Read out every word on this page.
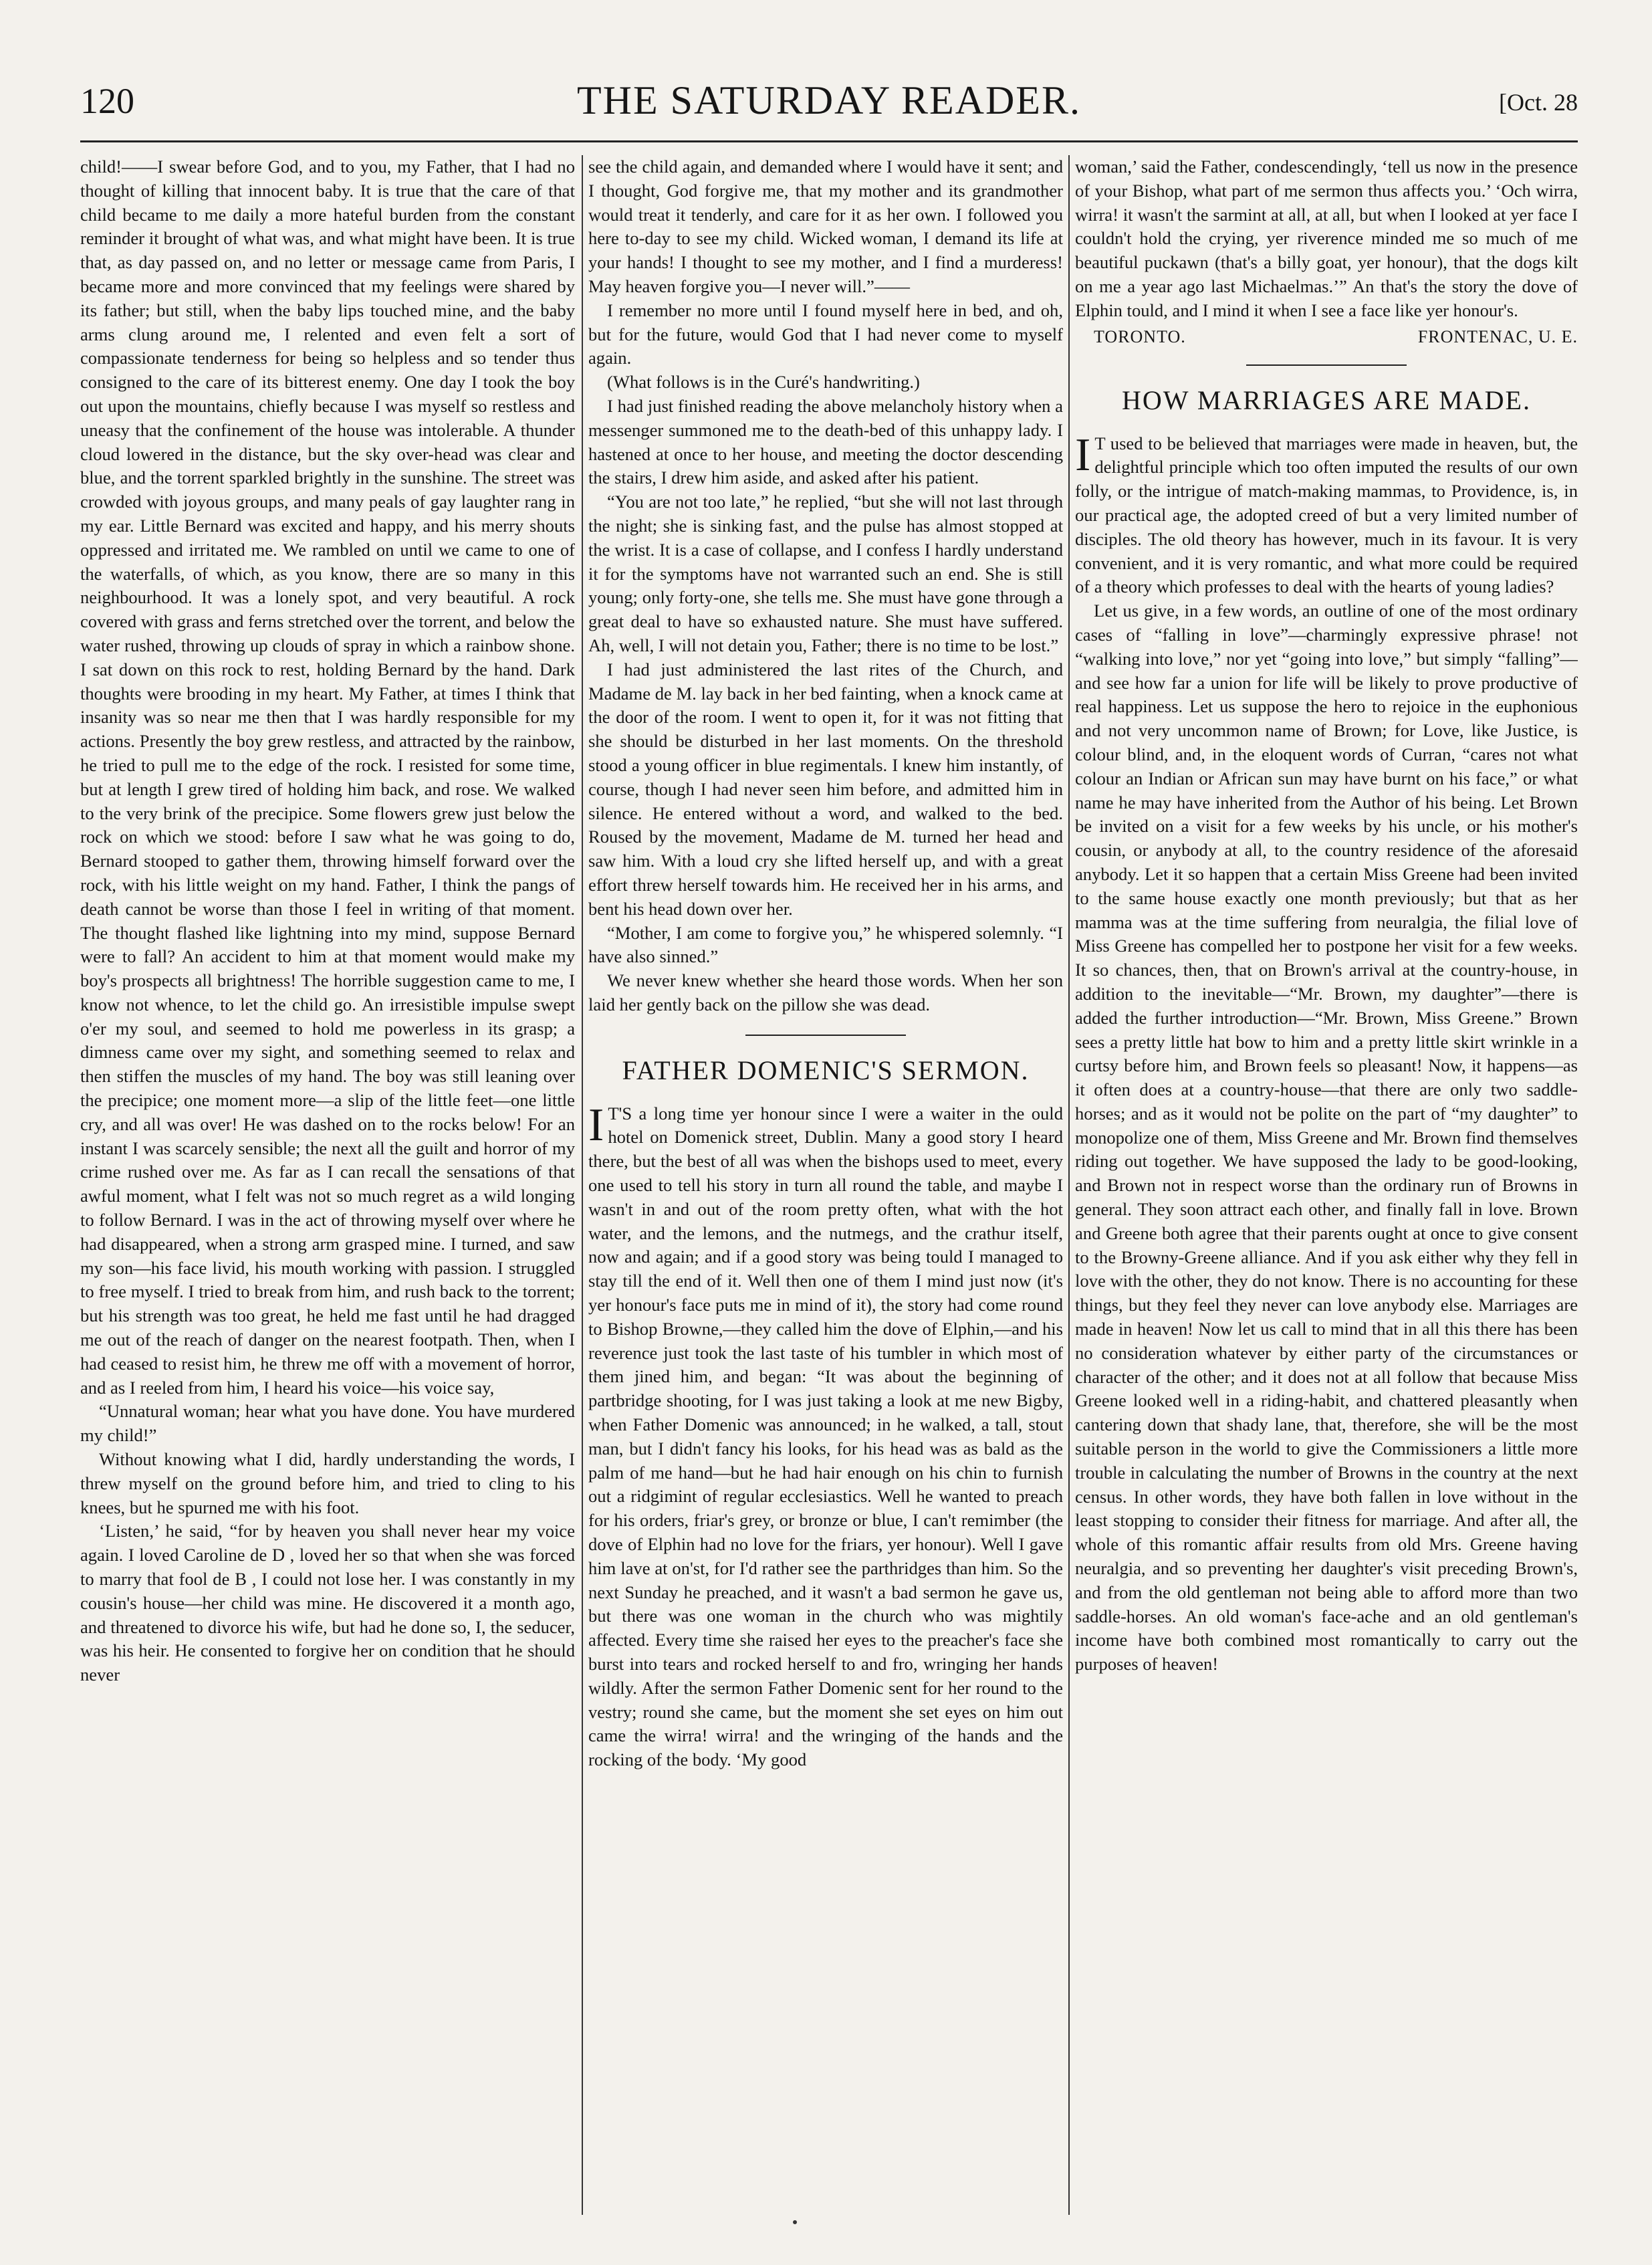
120	THE SATURDAY READER.	[Oct. 28

child!——I swear before God, and to you, my Father, that I had no thought of killing that innocent baby. It is true that the care of that child became to me daily a more hateful burden from the constant reminder it brought of what was, and what might have been. It is true that, as day passed on, and no letter or message came from Paris, I became more and more convinced that my feelings were shared by its father; but still, when the baby lips touched mine, and the baby arms clung around me, I relented and even felt a sort of compassionate tenderness for being so helpless and so tender thus consigned to the care of its bitterest enemy. One day I took the boy out upon the mountains, chiefly because I was myself so restless and uneasy that the confinement of the house was intolerable. A thunder cloud lowered in the distance, but the sky over-head was clear and blue, and the torrent sparkled brightly in the sunshine. The street was crowded with joyous groups, and many peals of gay laughter rang in my ear. Little Bernard was excited and happy, and his merry shouts oppressed and irritated me. We rambled on until we came to one of the waterfalls, of which, as you know, there are so many in this neighbourhood. It was a lonely spot, and very beautiful. A rock covered with grass and ferns stretched over the torrent, and below the water rushed, throwing up clouds of spray in which a rainbow shone. I sat down on this rock to rest, holding Bernard by the hand. Dark thoughts were brooding in my heart. My Father, at times I think that insanity was so near me then that I was hardly responsible for my actions. Presently the boy grew restless, and attracted by the rainbow, he tried to pull me to the edge of the rock. I resisted for some time, but at length I grew tired of holding him back, and rose. We walked to the very brink of the precipice. Some flowers grew just below the rock on which we stood: before I saw what he was going to do, Bernard stooped to gather them, throwing himself forward over the rock, with his little weight on my hand. Father, I think the pangs of death cannot be worse than those I feel in writing of that moment. The thought flashed like lightning into my mind, suppose Bernard were to fall? An accident to him at that moment would make my boy's prospects all brightness! The horrible suggestion came to me, I know not whence, to let the child go. An irresistible impulse swept o'er my soul, and seemed to hold me powerless in its grasp; a dimness came over my sight, and something seemed to relax and then stiffen the muscles of my hand. The boy was still leaning over the precipice; one moment more—a slip of the little feet—one little cry, and all was over! He was dashed on to the rocks below! For an instant I was scarcely sensible; the next all the guilt and horror of my crime rushed over me. As far as I can recall the sensations of that awful moment, what I felt was not so much regret as a wild longing to follow Bernard. I was in the act of throwing myself over where he had disappeared, when a strong arm grasped mine. I turned, and saw my son—his face livid, his mouth working with passion. I struggled to free myself. I tried to break from him, and rush back to the torrent; but his strength was too great, he held me fast until he had dragged me out of the reach of danger on the nearest footpath. Then, when I had ceased to resist him, he threw me off with a movement of horror, and as I reeled from him, I heard his voice—his voice say,

“Unnatural woman; hear what you have done. You have murdered my child!”

Without knowing what I did, hardly understanding the words, I threw myself on the ground before him, and tried to cling to his knees, but he spurned me with his foot.

‘Listen,’ he said, “for by heaven you shall never hear my voice again. I loved Caroline de D , loved her so that when she was forced to marry that fool de B , I could not lose her. I was constantly in my cousin's house—her child was mine. He discovered it a month ago, and threatened to divorce his wife, but had he done so, I, the seducer, was his heir. He consented to forgive her on condition that he should never

see the child again, and demanded where I would have it sent; and I thought, God forgive me, that my mother and its grandmother would treat it tenderly, and care for it as her own. I followed you here to-day to see my child. Wicked woman, I demand its life at your hands! I thought to see my mother, and I find a murderess! May heaven forgive you—I never will.”——

I remember no more until I found myself here in bed, and oh, but for the future, would God that I had never come to myself again.

(What follows is in the Curé's handwriting.)

I had just finished reading the above melancholy history when a messenger summoned me to the death-bed of this unhappy lady. I hastened at once to her house, and meeting the doctor descending the stairs, I drew him aside, and asked after his patient.

“You are not too late,” he replied, “but she will not last through the night; she is sinking fast, and the pulse has almost stopped at the wrist. It is a case of collapse, and I confess I hardly understand it for the symptoms have not warranted such an end. She is still young; only forty-one, she tells me. She must have gone through a great deal to have so exhausted nature. She must have suffered. Ah, well, I will not detain you, Father; there is no time to be lost.”

I had just administered the last rites of the Church, and Madame de M. lay back in her bed fainting, when a knock came at the door of the room. I went to open it, for it was not fitting that she should be disturbed in her last moments. On the threshold stood a young officer in blue regimentals. I knew him instantly, of course, though I had never seen him before, and admitted him in silence. He entered without a word, and walked to the bed. Roused by the movement, Madame de M. turned her head and saw him. With a loud cry she lifted herself up, and with a great effort threw herself towards him. He received her in his arms, and bent his head down over her.

“Mother, I am come to forgive you,” he whispered solemnly. “I have also sinned.”

We never knew whether she heard those words. When her son laid her gently back on the pillow she was dead.

FATHER DOMENIC'S SERMON.

IT'S a long time yer honour since I were a waiter in the ould hotel on Domenick street, Dublin. Many a good story I heard there, but the best of all was when the bishops used to meet, every one used to tell his story in turn all round the table, and maybe I wasn't in and out of the room pretty often, what with the hot water, and the lemons, and the nutmegs, and the crathur itself, now and again; and if a good story was being tould I managed to stay till the end of it. Well then one of them I mind just now (it's yer honour's face puts me in mind of it), the story had come round to Bishop Browne,—they called him the dove of Elphin,—and his reverence just took the last taste of his tumbler in which most of them jined him, and began: “It was about the beginning of partbridge shooting, for I was just taking a look at me new Bigby, when Father Domenic was announced; in he walked, a tall, stout man, but I didn't fancy his looks, for his head was as bald as the palm of me hand—but he had hair enough on his chin to furnish out a ridgimint of regular ecclesiastics. Well he wanted to preach for his orders, friar's grey, or bronze or blue, I can't remimber (the dove of Elphin had no love for the friars, yer honour). Well I gave him lave at on'st, for I'd rather see the parthridges than him. So the next Sunday he preached, and it wasn't a bad sermon he gave us, but there was one woman in the church who was mightily affected. Every time she raised her eyes to the preacher's face she burst into tears and rocked herself to and fro, wringing her hands wildly. After the sermon Father Domenic sent for her round to the vestry; round she came, but the moment she set eyes on him out came the wirra! wirra! and the wringing of the hands and the rocking of the body. ‘My good

woman,’ said the Father, condescendingly, ‘tell us now in the presence of your Bishop, what part of me sermon thus affects you.’ ‘Och wirra, wirra! it wasn't the sarmint at all, at all, but when I looked at yer face I couldn't hold the crying, yer riverence minded me so much of me beautiful puckawn (that's a billy goat, yer honour), that the dogs kilt on me a year ago last Michaelmas.’” An that's the story the dove of Elphin tould, and I mind it when I see a face like yer honour's.

TORONTO.	FRONTENAC, U. E.
HOW MARRIAGES ARE MADE.

IT used to be believed that marriages were made in heaven, but, the delightful principle which too often imputed the results of our own folly, or the intrigue of match-making mammas, to Providence, is, in our practical age, the adopted creed of but a very limited number of disciples. The old theory has however, much in its favour. It is very convenient, and it is very romantic, and what more could be required of a theory which professes to deal with the hearts of young ladies?

Let us give, in a few words, an outline of one of the most ordinary cases of “falling in love”—charmingly expressive phrase! not “walking into love,” nor yet “going into love,” but simply “falling”—and see how far a union for life will be likely to prove productive of real happiness. Let us suppose the hero to rejoice in the euphonious and not very uncommon name of Brown; for Love, like Justice, is colour blind, and, in the eloquent words of Curran, “cares not what colour an Indian or African sun may have burnt on his face,” or what name he may have inherited from the Author of his being. Let Brown be invited on a visit for a few weeks by his uncle, or his mother's cousin, or anybody at all, to the country residence of the aforesaid anybody. Let it so happen that a certain Miss Greene had been invited to the same house exactly one month previously; but that as her mamma was at the time suffering from neuralgia, the filial love of Miss Greene has compelled her to postpone her visit for a few weeks. It so chances, then, that on Brown's arrival at the country-house, in addition to the inevitable—“Mr. Brown, my daughter”—there is added the further introduction—“Mr. Brown, Miss Greene.” Brown sees a pretty little hat bow to him and a pretty little skirt wrinkle in a curtsy before him, and Brown feels so pleasant! Now, it happens—as it often does at a country-house—that there are only two saddle-horses; and as it would not be polite on the part of “my daughter” to monopolize one of them, Miss Greene and Mr. Brown find themselves riding out together. We have supposed the lady to be good-looking, and Brown not in respect worse than the ordinary run of Browns in general. They soon attract each other, and finally fall in love. Brown and Greene both agree that their parents ought at once to give consent to the Browny-Greene alliance. And if you ask either why they fell in love with the other, they do not know. There is no accounting for these things, but they feel they never can love anybody else. Marriages are made in heaven! Now let us call to mind that in all this there has been no consideration whatever by either party of the circumstances or character of the other; and it does not at all follow that because Miss Greene looked well in a riding-habit, and chattered pleasantly when cantering down that shady lane, that, therefore, she will be the most suitable person in the world to give the Commissioners a little more trouble in calculating the number of Browns in the country at the next census. In other words, they have both fallen in love without in the least stopping to consider their fitness for marriage. And after all, the whole of this romantic affair results from old Mrs. Greene having neuralgia, and so preventing her daughter's visit preceding Brown's, and from the old gentleman not being able to afford more than two saddle-horses. An old woman's face-ache and an old gentleman's income have both combined most romantically to carry out the purposes of heaven!
